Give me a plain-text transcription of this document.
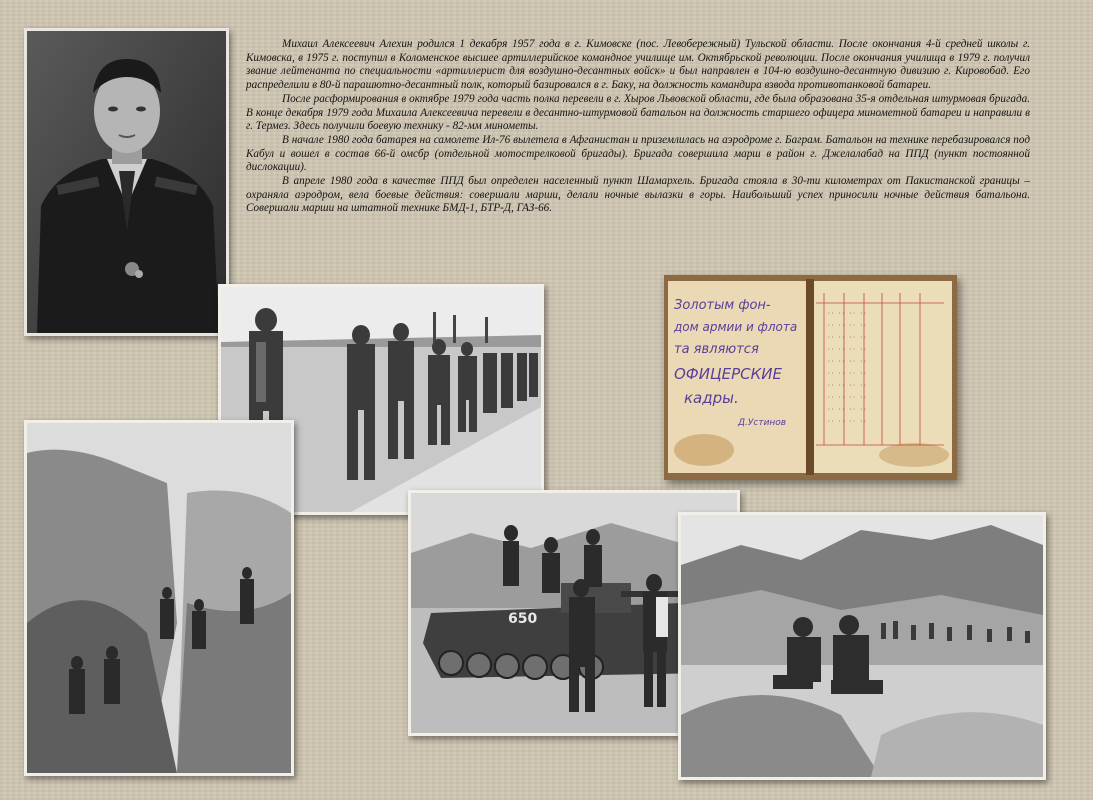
Михаил Алексеевич Алехин родился 1 декабря 1957 года в г. Кимовске (пос. Левобережный) Тульской области. После окончания 4-й средней школы г. Кимовска, в 1975 г. поступил в Коломенское высшее артиллерийское командное училище им. Октябрьской революции. После окончания училища в 1979 г. получил звание лейтенанта по специальности «артиллерист для воздушно-десантных войск» и был направлен в 104-ю воздушно-десантную дивизию г. Кировобад. Его распределили в 80-й парашютно-десантный полк, который базировался в г. Баку, на должность командира взвода противотанковой батареи.

После расформирования в октябре 1979 года часть полка перевели в г. Хыров Львовской области, где была образована 35-я отдельная штурмовая бригада. В конце декабря 1979 года Михаила Алексеевича перевели в десантно-штурмовой батальон на должность старшего офицера минометной батареи и направили в г. Термез. Здесь получили боевую технику - 82-мм минометы.

В начале 1980 года батарея на самолете Ил-76 вылетела в Афганистан и приземлилась на аэродроме г. Баграм. Батальон на технике перебазировался под Кабул и вошел в состав 66-й омсбр (отдельной мотострелковой бригады). Бригада совершила марш в район г. Джелалабад на ППД (пункт постоянной дислокации).

В апреле 1980 года в качестве ППД был определен населенный пункт Шамархель. Бригада стояла в 30-ти километрах от Пакистанской границы – охраняла аэродром, вела боевые действия: совершали марши, делали ночные вылазки в горы. Наибольший успех приносили ночные действия батальона. Совершали марши на штатной технике БМД-1, БТР-Д, ГАЗ-66.

·· ·· ·· ··
·· ·· ·· ··
·· ·· ·· ··
·· ·· ·· ··
·· ·· ·· ··
·· ·· ·· ··
·· ·· ·· ··
·· ·· ·· ··
·· ·· ·· ··
·· ·· ·· ··
Золотым фон-
дом армии и флота
та являются
ОФИЦЕРСКИЕ
кадры.
Д.Устинов
650
